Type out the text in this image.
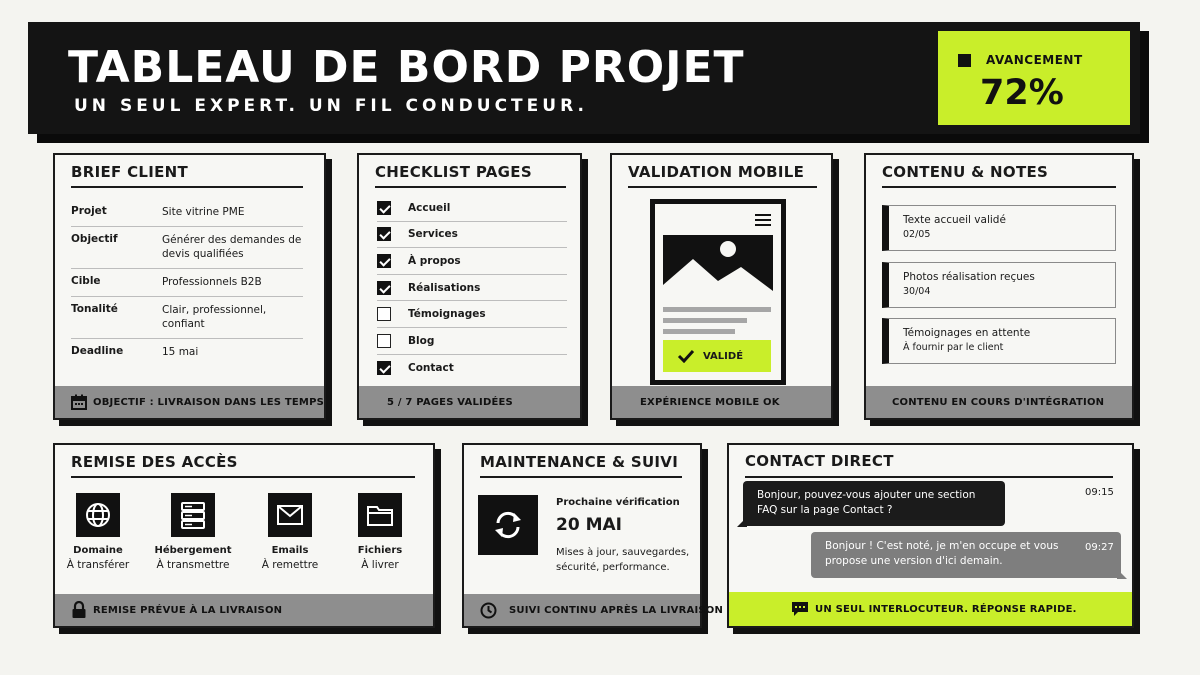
TABLEAU DE BORD PROJET
UN SEUL EXPERT. UN FIL CONDUCTEUR.
AVANCEMENT
72%
BRIEF CLIENT
Projet	Site vitrine PME
Objectif	Générer des demandes de devis qualifiées
Cible	Professionnels B2B
Tonalité	Clair, professionnel, confiant
Deadline	15 mai
OBJECTIF : LIVRAISON DANS LES TEMPS
CHECKLIST PAGES
Accueil
Services
À propos
Réalisations
Témoignages
Blog
Contact
5 / 7 PAGES VALIDÉES
VALIDATION MOBILE
VALIDÉ
EXPÉRIENCE MOBILE OK
CONTENU & NOTES
Texte accueil validé
02/05
Photos réalisation reçues
30/04
Témoignages en attente
À fournir par le client
CONTENU EN COURS D'INTÉGRATION
REMISE DES ACCÈS
Domaine
À transférer
Hébergement
À transmettre
Emails
À remettre
Fichiers
À livrer
REMISE PRÉVUE À LA LIVRAISON
MAINTENANCE & SUIVI
Prochaine vérification
20 MAI
Mises à jour, sauvegardes, sécurité, performance.
SUIVI CONTINU APRÈS LA LIVRAISON
CONTACT DIRECT
Bonjour, pouvez-vous ajouter une section FAQ sur la page Contact ?
09:15
Bonjour ! C'est noté, je m'en occupe et vous propose une version d'ici demain.
09:27
UN SEUL INTERLOCUTEUR. RÉPONSE RAPIDE.
